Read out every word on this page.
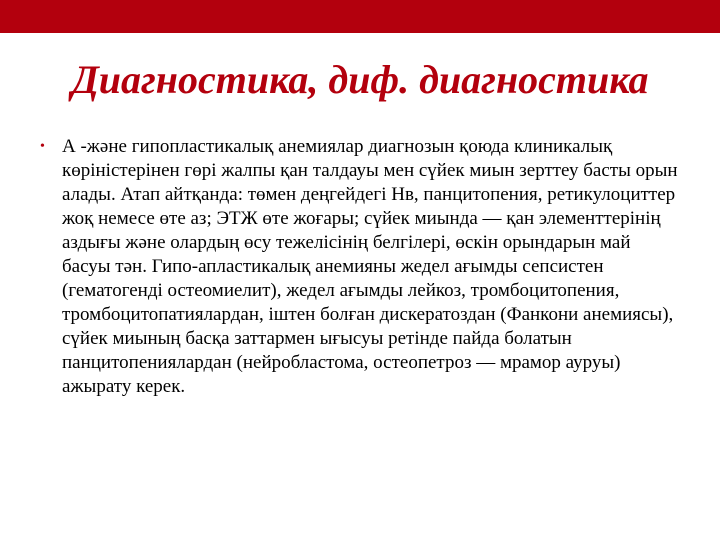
Диагностика, диф. диагностика
• А -жәнe гипопластикалық анемиялар диагнозын қоюда клиникалық көріністерінен гөрі жалпы қан талдауы мен сүйек миын зерттеу басты орын алады. Атап айтқанда: төмен деңгейдегі Нв, панцитопения, ретикулоциттер жоқ немесе өте аз; ЭТЖ өте жоғары; сүйек миында — қан элементтерінің аздығы және олардың өсу тежелісінің белгілері, өскін орындарын май басуы тән. Гипо-апластикалық анемияны жедел ағымды сепсистен (гематогенді остеомиелит), жедел ағымды лейкоз, тромбоцитопения, тромбоцитопатиялардан, іштен болған дискератоздан (Фанкони анемиясы), сүйек миының басқа заттармен ығысуы ретінде пайда болатын панцитопениялардан (нейробластома, остеопетроз — мрамор ауруы) ажырату керек.
